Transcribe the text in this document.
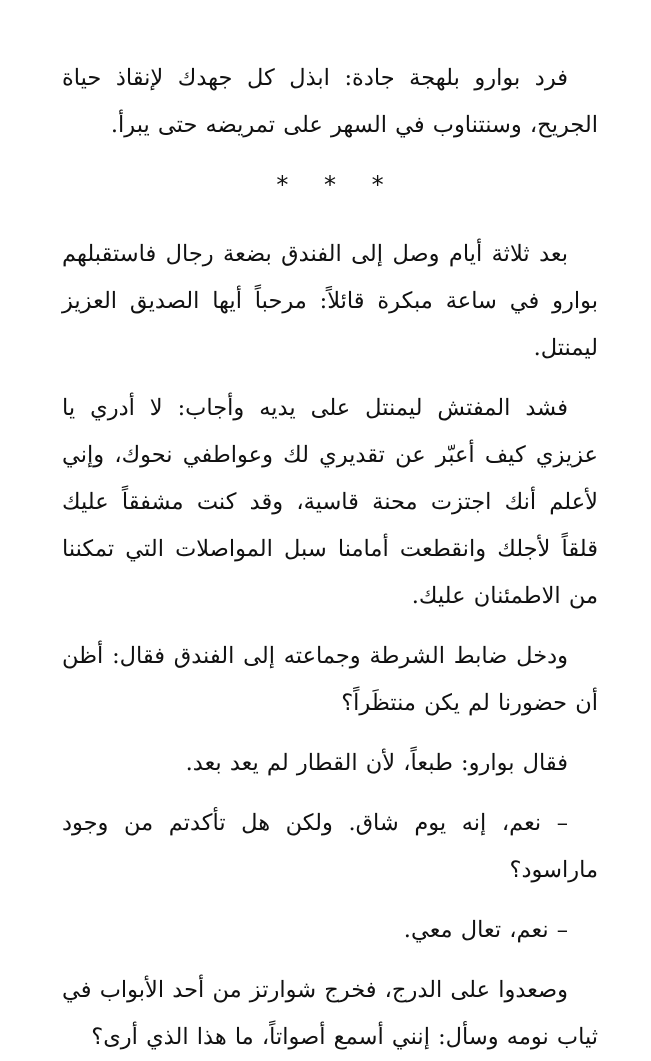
فرد بوارو بلهجة جادة: ابذل كل جهدك لإنقاذ حياة الجريح، وسنتناوب في السهر على تمريضه حتى يبرأ.

* * *

بعد ثلاثة أيام وصل إلى الفندق بضعة رجال فاستقبلهم بوارو في ساعة مبكرة قائلاً: مرحباً أيها الصديق العزيز ليمنتل.

فشد المفتش ليمنتل على يديه وأجاب: لا أدري يا عزيزي كيف أعبّر عن تقديري لك وعواطفي نحوك، وإني لأعلم أنك اجتزت محنة قاسية، وقد كنت مشفقاً عليك قلقاً لأجلك وانقطعت أمامنا سبل المواصلات التي تمكننا من الاطمئنان عليك.

ودخل ضابط الشرطة وجماعته إلى الفندق فقال: أظن أن حضورنا لم يكن منتظَراً؟

فقال بوارو: طبعاً، لأن القطار لم يعد بعد.

– نعم، إنه يوم شاق. ولكن هل تأكدتم من وجود ماراسود؟

– نعم، تعال معي.

وصعدوا على الدرج، فخرج شوارتز من أحد الأبواب في ثياب نومه وسأل: إنني أسمع أصواتاً، ما هذا الذي أرى؟
